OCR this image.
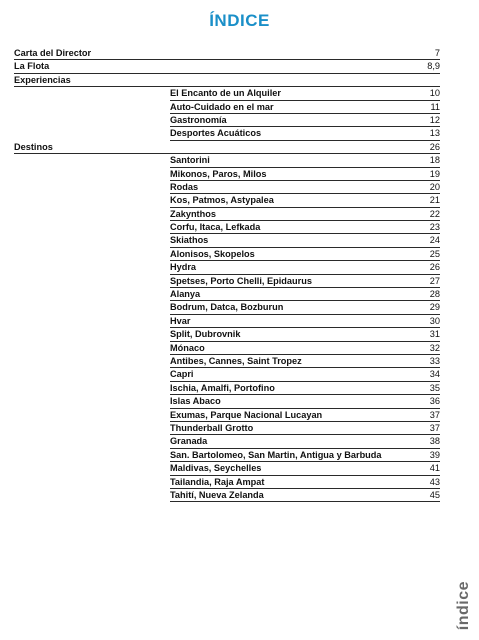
ÍNDICE
Carta del Director	7
La Flota	8,9
Experiencias
El Encanto de un Alquiler	10
Auto-Cuidado en el mar	11
Gastronomía	12
Desportes Acuáticos	13
Destinos	26
Santorini	18
Mikonos, Paros, Milos	19
Rodas	20
Kos, Patmos, Astypalea	21
Zakynthos	22
Corfu, Itaca, Lefkada	23
Skiathos	24
Alonisos, Skopelos	25
Hydra	26
Spetses, Porto Chelli, Epidaurus	27
Alanya	28
Bodrum, Datca, Bozburun	29
Hvar	30
Split, Dubrovnik	31
Mónaco	32
Antibes, Cannes, Saint Tropez	33
Capri	34
Ischia, Amalfi, Portofino	35
Islas Abaco	36
Exumas, Parque Nacional Lucayan	37
Thunderball Grotto	37
Granada	38
San. Bartolomeo, San Martin, Antigua y Barbuda	39
Maldivas, Seychelles	41
Tailandia, Raja Ampat	43
Tahití, Nueva Zelanda	45
índice
